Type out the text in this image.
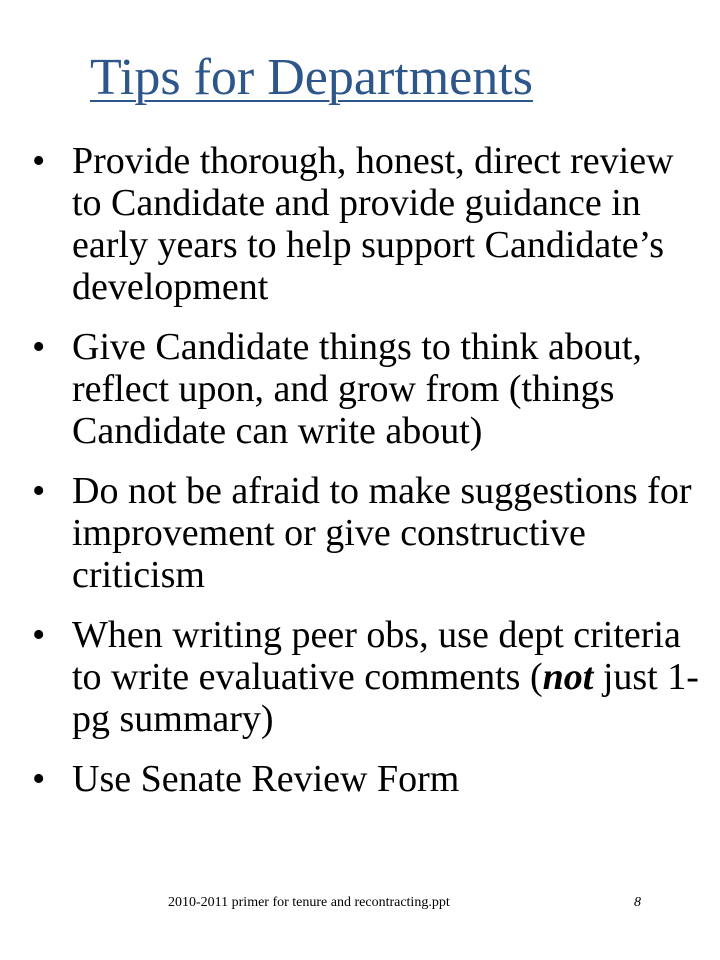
Tips for Departments
• Provide thorough, honest, direct review to Candidate and provide guidance in early years to help support Candidate’s development
• Give Candidate things to think about, reflect upon, and grow from (things Candidate can write about)
• Do not be afraid to make suggestions for improvement or give constructive criticism
• When writing peer obs, use dept criteria to write evaluative comments (not just 1-pg summary)
• Use Senate Review Form
2010-2011 primer for tenure and recontracting.ppt	8
